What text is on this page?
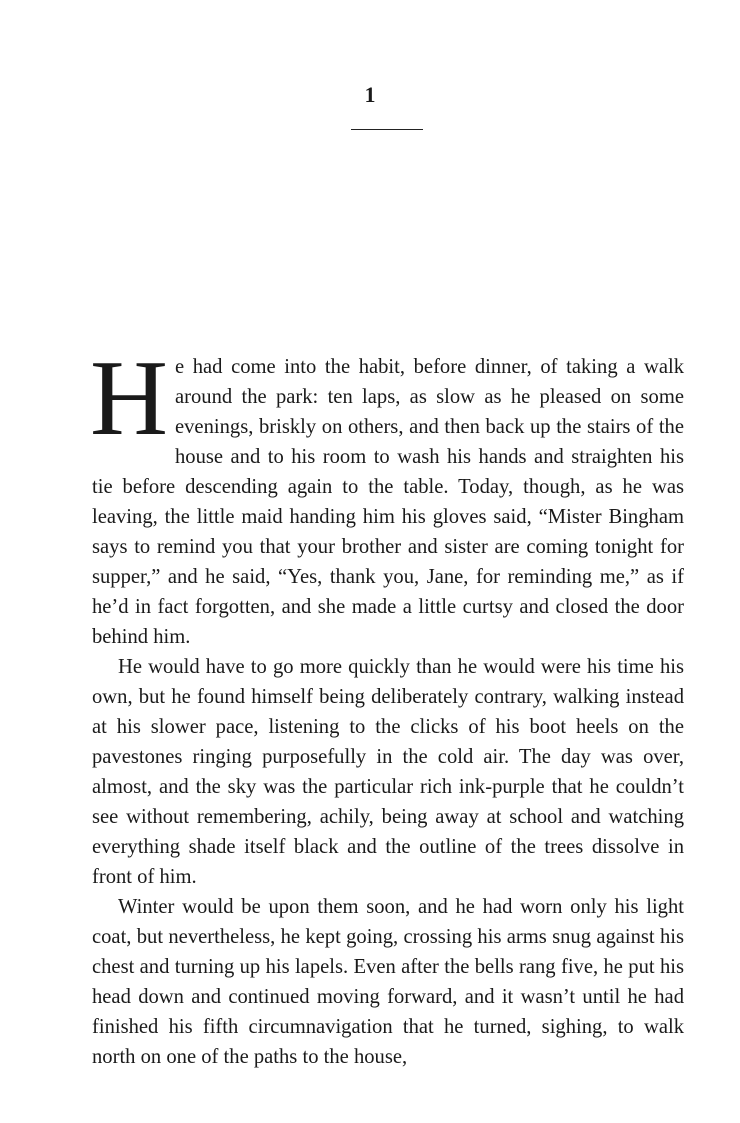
1

He had come into the habit, before dinner, of taking a walk around the park: ten laps, as slow as he pleased on some evenings, briskly on others, and then back up the stairs of the house and to his room to wash his hands and straighten his tie before descending again to the table. Today, though, as he was leaving, the little maid handing him his gloves said, “Mister Bingham says to remind you that your brother and sister are coming tonight for supper,” and he said, “Yes, thank you, Jane, for reminding me,” as if he’d in fact forgotten, and she made a little curtsy and closed the door behind him.

He would have to go more quickly than he would were his time his own, but he found himself being deliberately contrary, walking instead at his slower pace, listening to the clicks of his boot heels on the pavestones ringing purposefully in the cold air. The day was over, almost, and the sky was the particular rich ink-purple that he couldn’t see without remembering, achily, being away at school and watching everything shade itself black and the outline of the trees dissolve in front of him.

Winter would be upon them soon, and he had worn only his light coat, but nevertheless, he kept going, crossing his arms snug against his chest and turning up his lapels. Even after the bells rang five, he put his head down and continued moving forward, and it wasn’t until he had finished his fifth circumnavigation that he turned, sighing, to walk north on one of the paths to the house,
